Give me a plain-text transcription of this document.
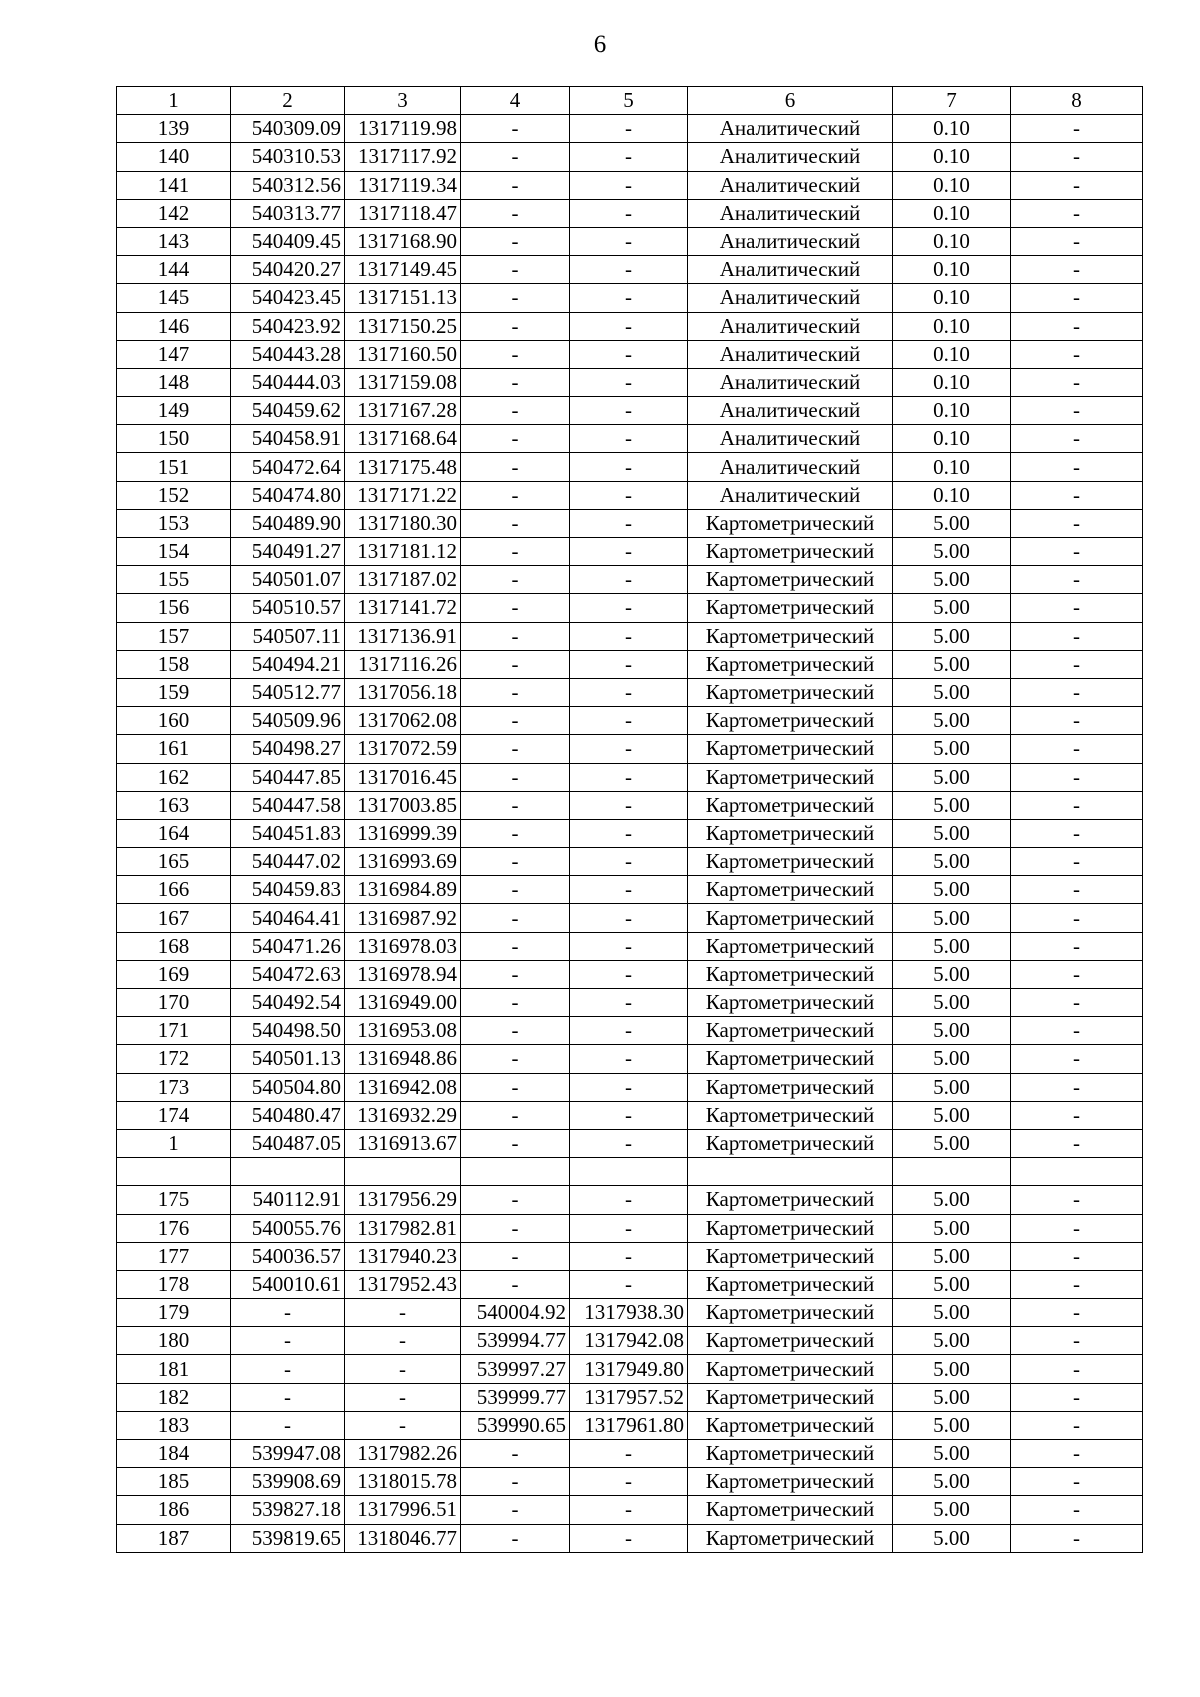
6
1	2	3	4	5	6	7	8
139	540309.09	1317119.98	-	-	Аналитический	0.10	-
140	540310.53	1317117.92	-	-	Аналитический	0.10	-
141	540312.56	1317119.34	-	-	Аналитический	0.10	-
142	540313.77	1317118.47	-	-	Аналитический	0.10	-
143	540409.45	1317168.90	-	-	Аналитический	0.10	-
144	540420.27	1317149.45	-	-	Аналитический	0.10	-
145	540423.45	1317151.13	-	-	Аналитический	0.10	-
146	540423.92	1317150.25	-	-	Аналитический	0.10	-
147	540443.28	1317160.50	-	-	Аналитический	0.10	-
148	540444.03	1317159.08	-	-	Аналитический	0.10	-
149	540459.62	1317167.28	-	-	Аналитический	0.10	-
150	540458.91	1317168.64	-	-	Аналитический	0.10	-
151	540472.64	1317175.48	-	-	Аналитический	0.10	-
152	540474.80	1317171.22	-	-	Аналитический	0.10	-
153	540489.90	1317180.30	-	-	Картометрический	5.00	-
154	540491.27	1317181.12	-	-	Картометрический	5.00	-
155	540501.07	1317187.02	-	-	Картометрический	5.00	-
156	540510.57	1317141.72	-	-	Картометрический	5.00	-
157	540507.11	1317136.91	-	-	Картометрический	5.00	-
158	540494.21	1317116.26	-	-	Картометрический	5.00	-
159	540512.77	1317056.18	-	-	Картометрический	5.00	-
160	540509.96	1317062.08	-	-	Картометрический	5.00	-
161	540498.27	1317072.59	-	-	Картометрический	5.00	-
162	540447.85	1317016.45	-	-	Картометрический	5.00	-
163	540447.58	1317003.85	-	-	Картометрический	5.00	-
164	540451.83	1316999.39	-	-	Картометрический	5.00	-
165	540447.02	1316993.69	-	-	Картометрический	5.00	-
166	540459.83	1316984.89	-	-	Картометрический	5.00	-
167	540464.41	1316987.92	-	-	Картометрический	5.00	-
168	540471.26	1316978.03	-	-	Картометрический	5.00	-
169	540472.63	1316978.94	-	-	Картометрический	5.00	-
170	540492.54	1316949.00	-	-	Картометрический	5.00	-
171	540498.50	1316953.08	-	-	Картометрический	5.00	-
172	540501.13	1316948.86	-	-	Картометрический	5.00	-
173	540504.80	1316942.08	-	-	Картометрический	5.00	-
174	540480.47	1316932.29	-	-	Картометрический	5.00	-
1	540487.05	1316913.67	-	-	Картометрический	5.00	-

175	540112.91	1317956.29	-	-	Картометрический	5.00	-
176	540055.76	1317982.81	-	-	Картометрический	5.00	-
177	540036.57	1317940.23	-	-	Картометрический	5.00	-
178	540010.61	1317952.43	-	-	Картометрический	5.00	-
179	-	-	540004.92	1317938.30	Картометрический	5.00	-
180	-	-	539994.77	1317942.08	Картометрический	5.00	-
181	-	-	539997.27	1317949.80	Картометрический	5.00	-
182	-	-	539999.77	1317957.52	Картометрический	5.00	-
183	-	-	539990.65	1317961.80	Картометрический	5.00	-
184	539947.08	1317982.26	-	-	Картометрический	5.00	-
185	539908.69	1318015.78	-	-	Картометрический	5.00	-
186	539827.18	1317996.51	-	-	Картометрический	5.00	-
187	539819.65	1318046.77	-	-	Картометрический	5.00	-
